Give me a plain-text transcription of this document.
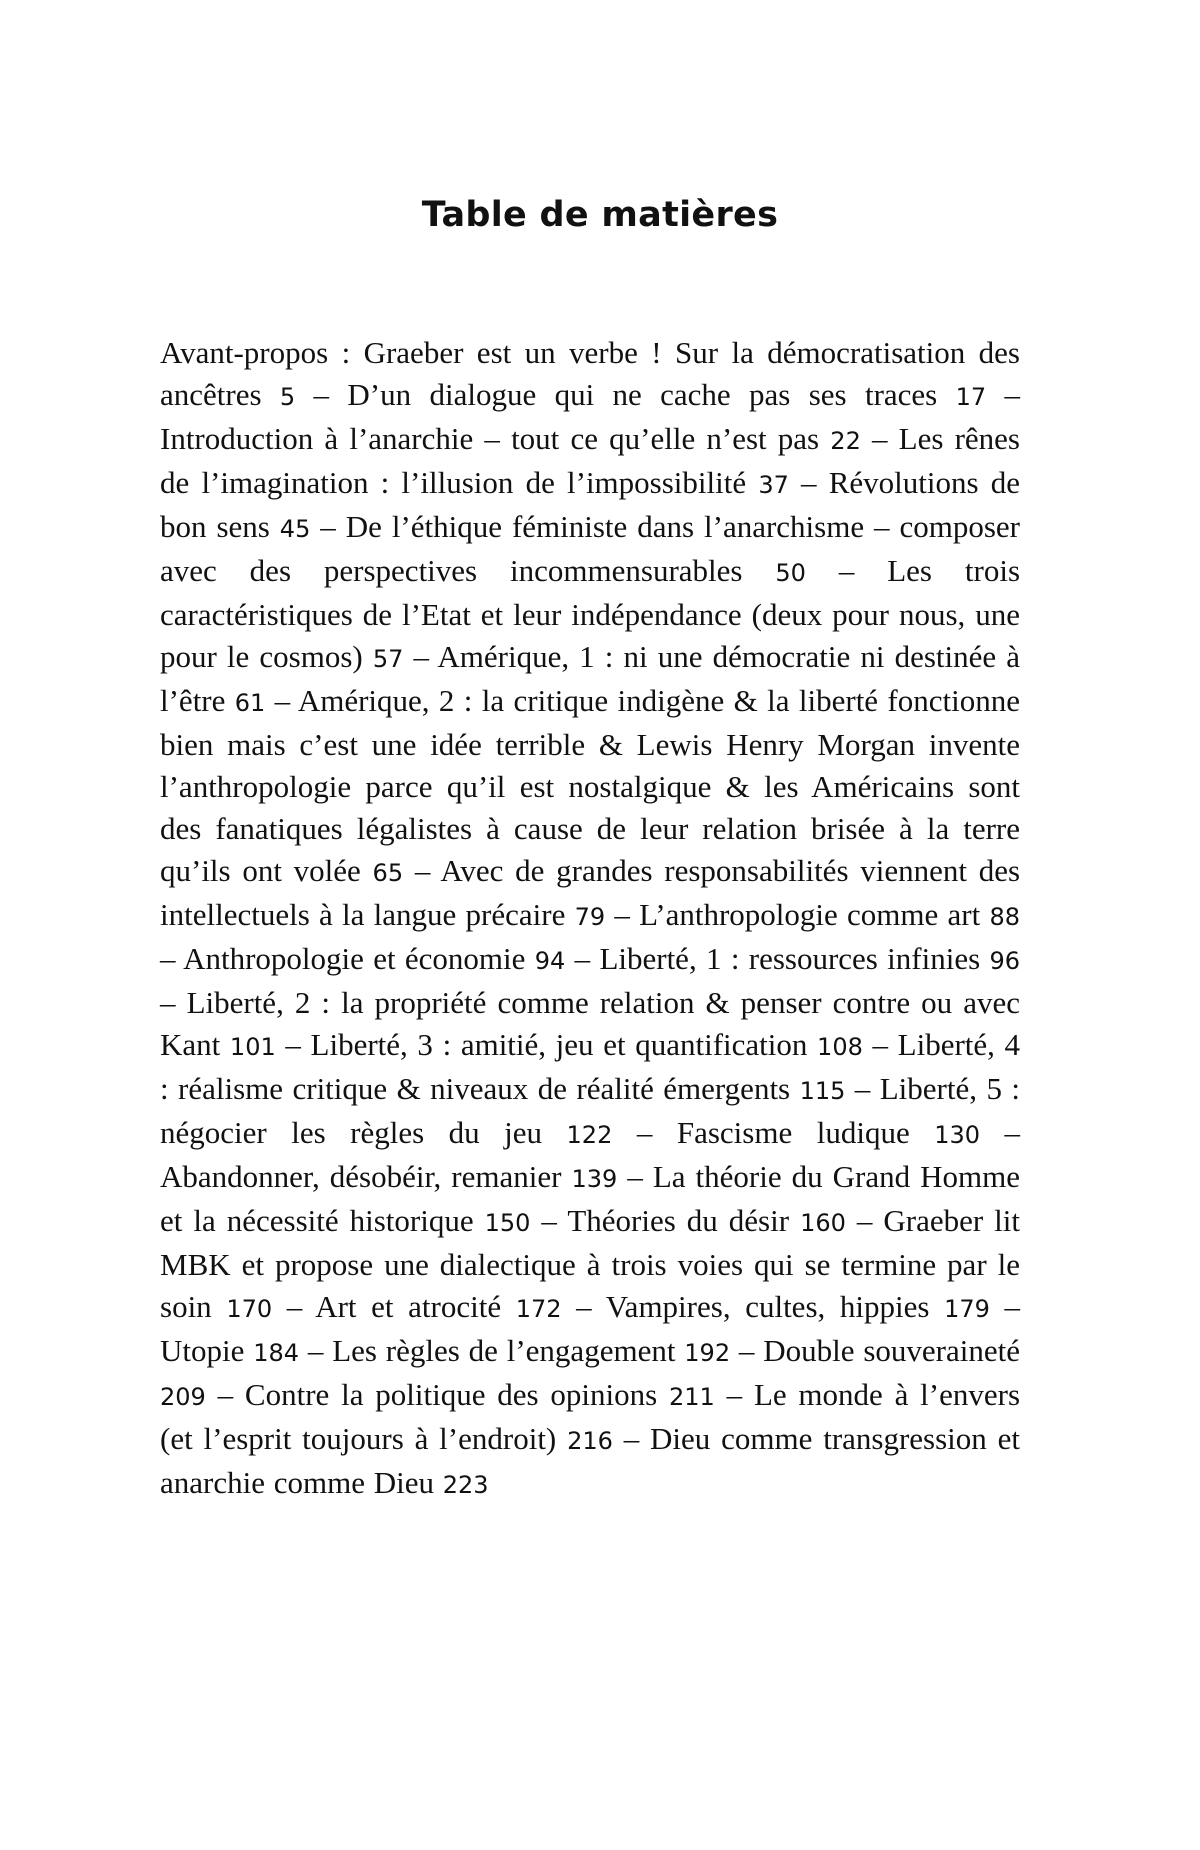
Table de matières

Avant-propos : Graeber est un verbe ! Sur la démocratisation des ancêtres 5 – D’un dialogue qui ne cache pas ses traces 17 – Introduction à l’anarchie – tout ce qu’elle n’est pas 22 – Les rênes de l’imagination : l’illusion de l’impossibilité 37 – Révolutions de bon sens 45 – De l’éthique féministe dans l’anarchisme – composer avec des perspectives incommensurables 50 – Les trois caractéristiques de l’Etat et leur indépendance (deux pour nous, une pour le cosmos) 57 – Amérique, 1 : ni une démocratie ni destinée à l’être 61 – Amérique, 2 : la critique indigène & la liberté fonctionne bien mais c’est une idée terrible & Lewis Henry Morgan invente l’anthropologie parce qu’il est nostalgique & les Américains sont des fanatiques légalistes à cause de leur relation brisée à la terre qu’ils ont volée 65 – Avec de grandes responsabilités viennent des intellectuels à la langue précaire 79 – L’anthropologie comme art 88 – Anthropologie et économie 94 – Liberté, 1 : ressources infinies 96 – Liberté, 2 : la propriété comme relation & penser contre ou avec Kant 101 – Liberté, 3 : amitié, jeu et quantification 108 – Liberté, 4 : réalisme critique & niveaux de réalité émergents 115 – Liberté, 5 : négocier les règles du jeu 122 – Fascisme ludique 130 – Abandonner, désobéir, remanier 139 – La théorie du Grand Homme et la nécessité historique 150 – Théories du désir 160 – Graeber lit MBK et propose une dialectique à trois voies qui se termine par le soin 170 – Art et atrocité 172 – Vampires, cultes, hippies 179 – Utopie 184 – Les règles de l’engagement 192 – Double souveraineté 209 – Contre la politique des opinions 211 – Le monde à l’envers (et l’esprit toujours à l’endroit) 216 – Dieu comme transgression et anarchie comme Dieu 223
